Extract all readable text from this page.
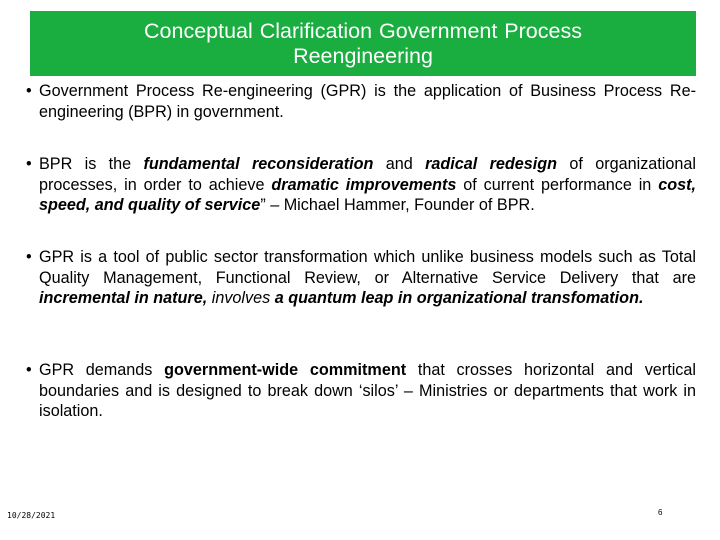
Conceptual Clarification Government Process
Reengineering
• Government Process Re-engineering (GPR) is the application of Business Process Re-engineering (BPR) in government.
• BPR is the fundamental reconsideration and radical redesign of organizational processes, in order to achieve dramatic improvements of current performance in cost, speed, and quality of service” – Michael Hammer, Founder of BPR.
• GPR is a tool of public sector transformation which unlike business models such as Total Quality Management, Functional Review, or Alternative Service Delivery that are incremental in nature, involves a quantum leap in organizational transfomation.
• GPR demands government-wide commitment that crosses horizontal and vertical boundaries and is designed to break down ‘silos’ – Ministries or departments that work in isolation.
10/28/2021	6
